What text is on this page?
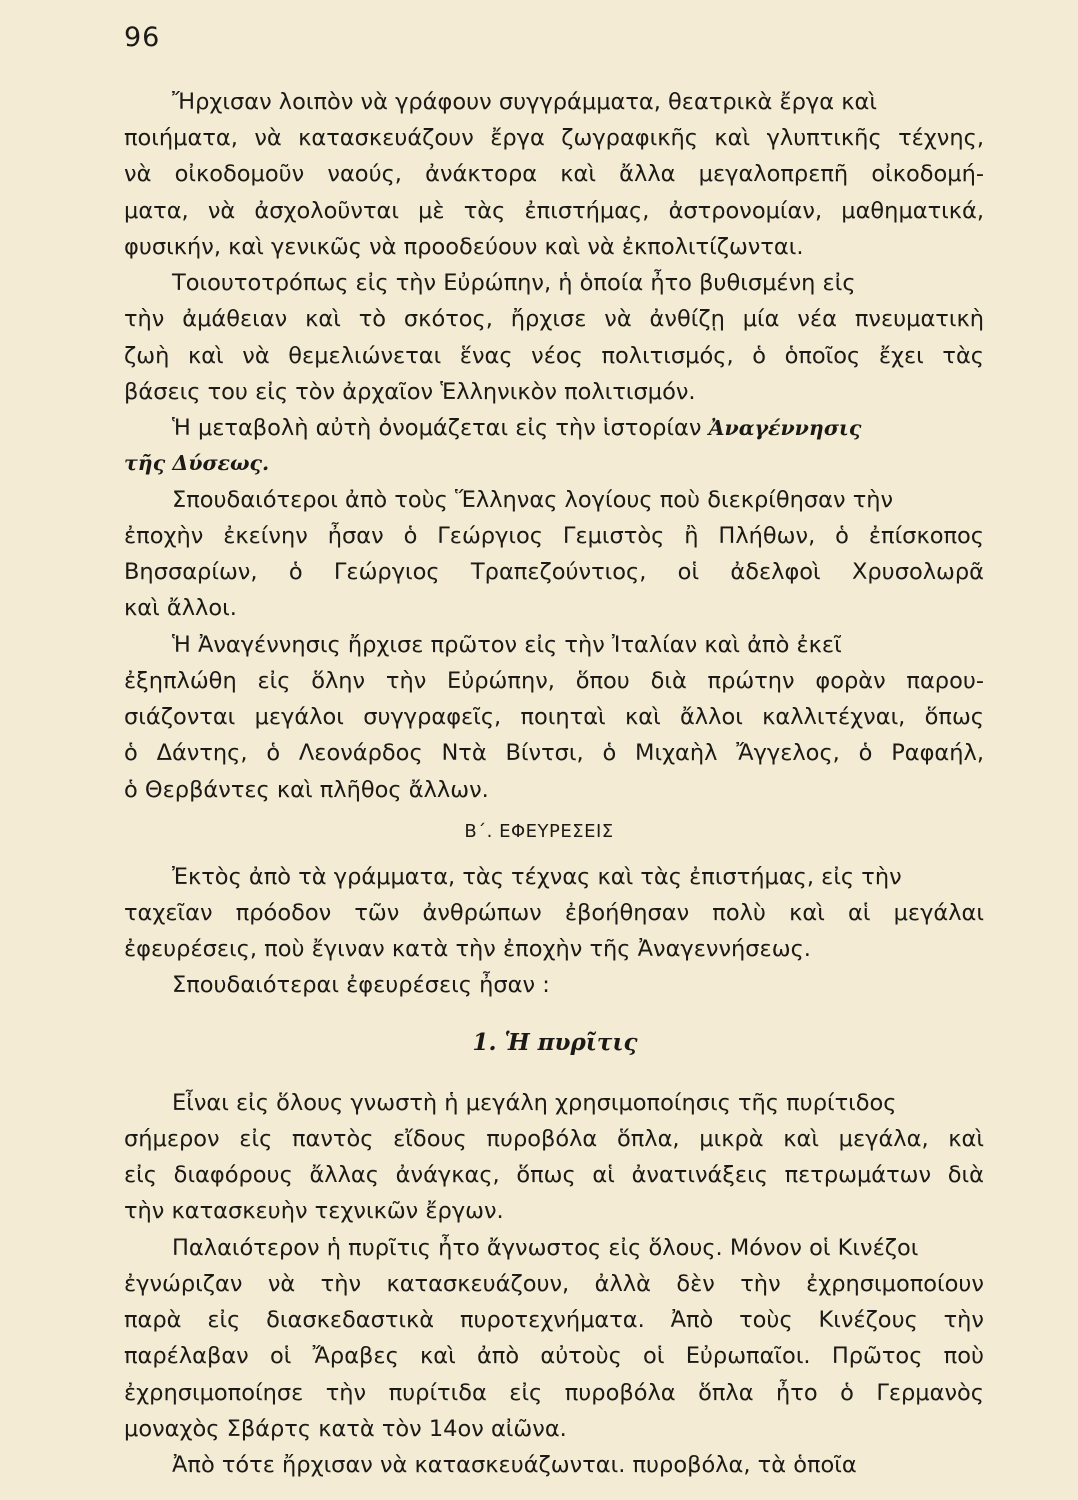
96
Ἤρχισαν λοιπὸν νὰ γράφουν συγγράμματα, θεατρικὰ ἔργα καὶ
ποιήματα, νὰ κατασκευάζουν ἔργα ζωγραφικῆς καὶ γλυπτικῆς τέχνης,
νὰ οἰκοδομοῦν ναούς, ἀνάκτορα καὶ ἄλλα μεγαλοπρεπῆ οἰκοδομή-
ματα, νὰ ἀσχολοῦνται μὲ τὰς ἐπιστήμας, ἀστρονομίαν, μαθηματικά,
φυσικήν, καὶ γενικῶς νὰ προοδεύουν καὶ νὰ ἐκπολιτίζωνται.
Τοιουτοτρόπως εἰς τὴν Εὐρώπην, ἡ ὁποία ἦτο βυθισμένη εἰς
τὴν ἀμάθειαν καὶ τὸ σκότος, ἤρχισε νὰ ἀνθίζῃ μία νέα πνευματικὴ
ζωὴ καὶ νὰ θεμελιώνεται ἕνας νέος πολιτισμός, ὁ ὁποῖος ἔχει τὰς
βάσεις του εἰς τὸν ἀρχαῖον Ἑλληνικὸν πολιτισμόν.
Ἡ μεταβολὴ αὐτὴ ὀνομάζεται εἰς τὴν ἱστορίαν Ἀναγέννησις
τῆς Δύσεως.
Σπουδαιότεροι ἀπὸ τοὺς Ἕλληνας λογίους ποὺ διεκρίθησαν τὴν
ἐποχὴν ἐκείνην ἦσαν ὁ Γεώργιος Γεμιστὸς ἢ Πλήθων, ὁ ἐπίσκοπος
Βησσαρίων, ὁ Γεώργιος Τραπεζούντιος, οἱ ἀδελφοὶ Χρυσολωρᾶ
καὶ ἄλλοι.
Ἡ Ἀναγέννησις ἤρχισε πρῶτον εἰς τὴν Ἰταλίαν καὶ ἀπὸ ἐκεῖ
ἐξηπλώθη εἰς ὅλην τὴν Εὐρώπην, ὅπου διὰ πρώτην φορὰν παρου-
σιάζονται μεγάλοι συγγραφεῖς, ποιηταὶ καὶ ἄλλοι καλλιτέχναι, ὅπως
ὁ Δάντης, ὁ Λεονάρδος Ντὰ Βίντσι, ὁ Μιχαὴλ Ἄγγελος, ὁ Ραφαήλ,
ὁ Θερβάντες καὶ πλῆθος ἄλλων.
Β΄. ΕΦΕΥΡΕΣΕΙΣ
Ἐκτὸς ἀπὸ τὰ γράμματα, τὰς τέχνας καὶ τὰς ἐπιστήμας, εἰς τὴν
ταχεῖαν πρόοδον τῶν ἀνθρώπων ἐβοήθησαν πολὺ καὶ αἱ μεγάλαι
ἐφευρέσεις, ποὺ ἔγιναν κατὰ τὴν ἐποχὴν τῆς Ἀναγεννήσεως.
Σπουδαιότεραι ἐφευρέσεις ἦσαν :
1. Ἡ πυρῖτις
Εἶναι εἰς ὅλους γνωστὴ ἡ μεγάλη χρησιμοποίησις τῆς πυρίτιδος
σήμερον εἰς παντὸς εἴδους πυροβόλα ὅπλα, μικρὰ καὶ μεγάλα, καὶ
εἰς διαφόρους ἄλλας ἀνάγκας, ὅπως αἱ ἀνατινάξεις πετρωμάτων διὰ
τὴν κατασκευὴν τεχνικῶν ἔργων.
Παλαιότερον ἡ πυρῖτις ἦτο ἄγνωστος εἰς ὅλους. Μόνον οἱ Κινέζοι
ἐγνώριζαν νὰ τὴν κατασκευάζουν, ἀλλὰ δὲν τὴν ἐχρησιμοποίουν
παρὰ εἰς διασκεδαστικὰ πυροτεχνήματα. Ἀπὸ τοὺς Κινέζους τὴν
παρέλαβαν οἱ Ἄραβες καὶ ἀπὸ αὐτοὺς οἱ Εὐρωπαῖοι. Πρῶτος ποὺ
ἐχρησιμοποίησε τὴν πυρίτιδα εἰς πυροβόλα ὅπλα ἦτο ὁ Γερμανὸς
μοναχὸς Σβάρτς κατὰ τὸν 14ον αἰῶνα.
Ἀπὸ τότε ἤρχισαν νὰ κατασκευάζωνται. πυροβόλα, τὰ ὁποῖα
